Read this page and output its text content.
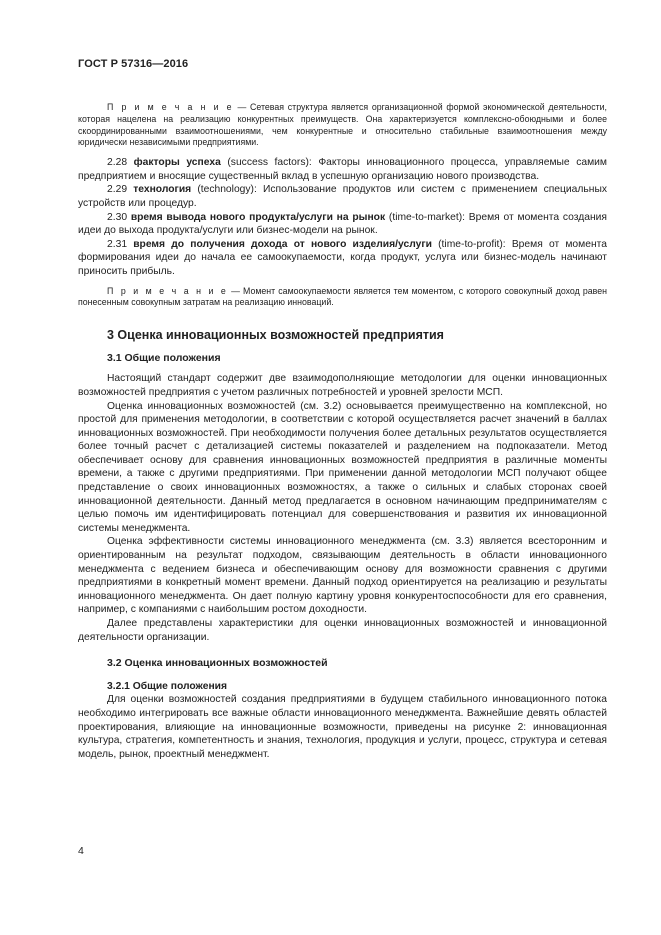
ГОСТ Р 57316—2016

П р и м е ч а н и е — Сетевая структура является организационной формой экономической деятельности, которая нацелена на реализацию конкурентных преимуществ. Она характеризуется комплексно-обоюдными и более скоординированными взаимоотношениями, чем конкурентные и относительно стабильные взаимоотношения между юридически независимыми предприятиями.

2.28 факторы успеха (success factors): Факторы инновационного процесса, управляемые самим предприятием и вносящие существенный вклад в успешную организацию нового производства.

2.29 технология (technology): Использование продуктов или систем с применением специальных устройств или процедур.

2.30 время вывода нового продукта/услуги на рынок (time-to-market): Время от момента создания идеи до выхода продукта/услуги или бизнес-модели на рынок.

2.31 время до получения дохода от нового изделия/услуги (time-to-profit): Время от момента формирования идеи до начала ее самоокупаемости, когда продукт, услуга или бизнес-модель начинают приносить прибыль.

П р и м е ч а н и е — Момент самоокупаемости является тем моментом, с которого совокупный доход равен понесенным совокупным затратам на реализацию инноваций.

3 Оценка инновационных возможностей предприятия
3.1 Общие положения

Настоящий стандарт содержит две взаимодополняющие методологии для оценки инновационных возможностей предприятия с учетом различных потребностей и уровней зрелости МСП.

Оценка инновационных возможностей (см. 3.2) основывается преимущественно на комплексной, но простой для применения методологии, в соответствии с которой осуществляется расчет значений в баллах инновационных возможностей. При необходимости получения более детальных результатов осуществляется более точный расчет с детализацией системы показателей и разделением на подпоказатели. Метод обеспечивает основу для сравнения инновационных возможностей предприятия в различные моменты времени, а также с другими предприятиями. При применении данной методологии МСП получают общее представление о своих инновационных возможностях, а также о сильных и слабых сторонах своей инновационной деятельности. Данный метод предлагается в основном начинающим предпринимателям с целью помочь им идентифицировать потенциал для совершенствования и развития их инновационной системы менеджмента.

Оценка эффективности системы инновационного менеджмента (см. 3.3) является всесторонним и ориентированным на результат подходом, связывающим деятельность в области инновационного менеджмента с ведением бизнеса и обеспечивающим основу для возможности сравнения с другими предприятиями в конкретный момент времени. Данный подход ориентируется на реализацию и результаты инновационного менеджмента. Он дает полную картину уровня конкурентоспособности для его сравнения, например, с компаниями с наибольшим ростом доходности.

Далее представлены характеристики для оценки инновационных возможностей и инновационной деятельности организации.

3.2 Оценка инновационных возможностей
3.2.1 Общие положения

Для оценки возможностей создания предприятиями в будущем стабильного инновационного потока необходимо интегрировать все важные области инновационного менеджмента. Важнейшие девять областей проектирования, влияющие на инновационные возможности, приведены на рисунке 2: инновационная культура, стратегия, компетентность и знания, технология, продукция и услуги, процесс, структура и сетевая модель, рынок, проектный менеджмент.

4
